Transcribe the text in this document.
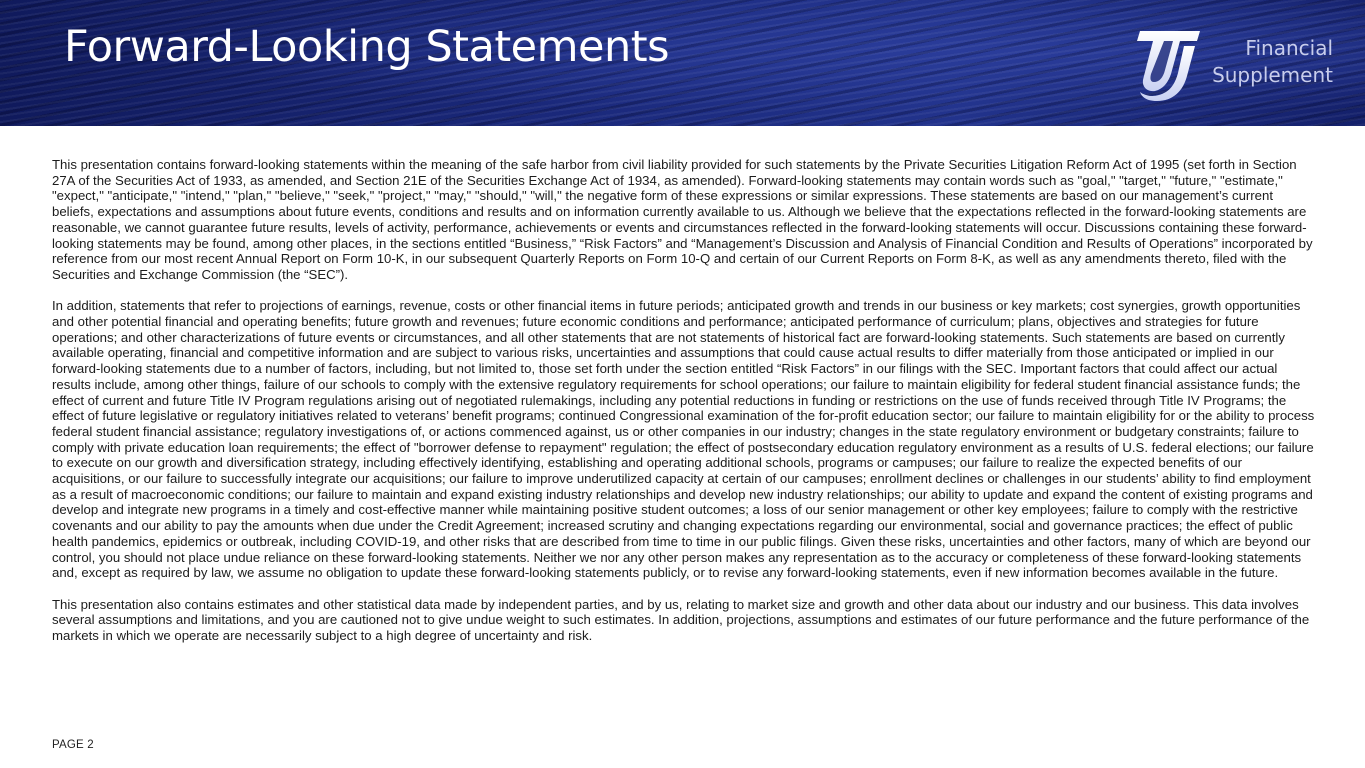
Forward-Looking Statements	Financial
Supplement

This presentation contains forward-looking statements within the meaning of the safe harbor from civil liability provided for such statements by the Private Securities Litigation Reform Act of 1995 (set forth in Section 27A of the Securities Act of 1933, as amended, and Section 21E of the Securities Exchange Act of 1934, as amended). Forward-looking statements may contain words such as "goal," "target," "future," "estimate," "expect," "anticipate," "intend," "plan," "believe," "seek," "project," "may," "should," "will," the negative form of these expressions or similar expressions. These statements are based on our management’s current beliefs, expectations and assumptions about future events, conditions and results and on information currently available to us. Although we believe that the expectations reflected in the forward-looking statements are reasonable, we cannot guarantee future results, levels of activity, performance, achievements or events and circumstances reflected in the forward-looking statements will occur. Discussions containing these forward-looking statements may be found, among other places, in the sections entitled “Business,” “Risk Factors” and “Management’s Discussion and Analysis of Financial Condition and Results of Operations” incorporated by reference from our most recent Annual Report on Form 10-K, in our subsequent Quarterly Reports on Form 10-Q and certain of our Current Reports on Form 8-K, as well as any amendments thereto, filed with the Securities and Exchange Commission (the “SEC”).

In addition, statements that refer to projections of earnings, revenue, costs or other financial items in future periods; anticipated growth and trends in our business or key markets; cost synergies, growth opportunities and other potential financial and operating benefits; future growth and revenues; future economic conditions and performance; anticipated performance of curriculum; plans, objectives and strategies for future operations; and other characterizations of future events or circumstances, and all other statements that are not statements of historical fact are forward-looking statements. Such statements are based on currently available operating, financial and competitive information and are subject to various risks, uncertainties and assumptions that could cause actual results to differ materially from those anticipated or implied in our forward-looking statements due to a number of factors, including, but not limited to, those set forth under the section entitled “Risk Factors” in our filings with the SEC. Important factors that could affect our actual results include, among other things, failure of our schools to comply with the extensive regulatory requirements for school operations; our failure to maintain eligibility for federal student financial assistance funds; the effect of current and future Title IV Program regulations arising out of negotiated rulemakings, including any potential reductions in funding or restrictions on the use of funds received through Title IV Programs; the effect of future legislative or regulatory initiatives related to veterans’ benefit programs; continued Congressional examination of the for-profit education sector; our failure to maintain eligibility for or the ability to process federal student financial assistance; regulatory investigations of, or actions commenced against, us or other companies in our industry; changes in the state regulatory environment or budgetary constraints; failure to comply with private education loan requirements; the effect of "borrower defense to repayment" regulation; the effect of postsecondary education regulatory environment as a results of U.S. federal elections; our failure to execute on our growth and diversification strategy, including effectively identifying, establishing and operating additional schools, programs or campuses; our failure to realize the expected benefits of our acquisitions, or our failure to successfully integrate our acquisitions; our failure to improve underutilized capacity at certain of our campuses; enrollment declines or challenges in our students’ ability to find employment as a result of macroeconomic conditions; our failure to maintain and expand existing industry relationships and develop new industry relationships; our ability to update and expand the content of existing programs and develop and integrate new programs in a timely and cost-effective manner while maintaining positive student outcomes; a loss of our senior management or other key employees; failure to comply with the restrictive covenants and our ability to pay the amounts when due under the Credit Agreement; increased scrutiny and changing expectations regarding our environmental, social and governance practices; the effect of public health pandemics, epidemics or outbreak, including COVID-19, and other risks that are described from time to time in our public filings. Given these risks, uncertainties and other factors, many of which are beyond our control, you should not place undue reliance on these forward-looking statements. Neither we nor any other person makes any representation as to the accuracy or completeness of these forward-looking statements and, except as required by law, we assume no obligation to update these forward-looking statements publicly, or to revise any forward-looking statements, even if new information becomes available in the future.

This presentation also contains estimates and other statistical data made by independent parties, and by us, relating to market size and growth and other data about our industry and our business. This data involves several assumptions and limitations, and you are cautioned not to give undue weight to such estimates. In addition, projections, assumptions and estimates of our future performance and the future performance of the markets in which we operate are necessarily subject to a high degree of uncertainty and risk.

PAGE 2
